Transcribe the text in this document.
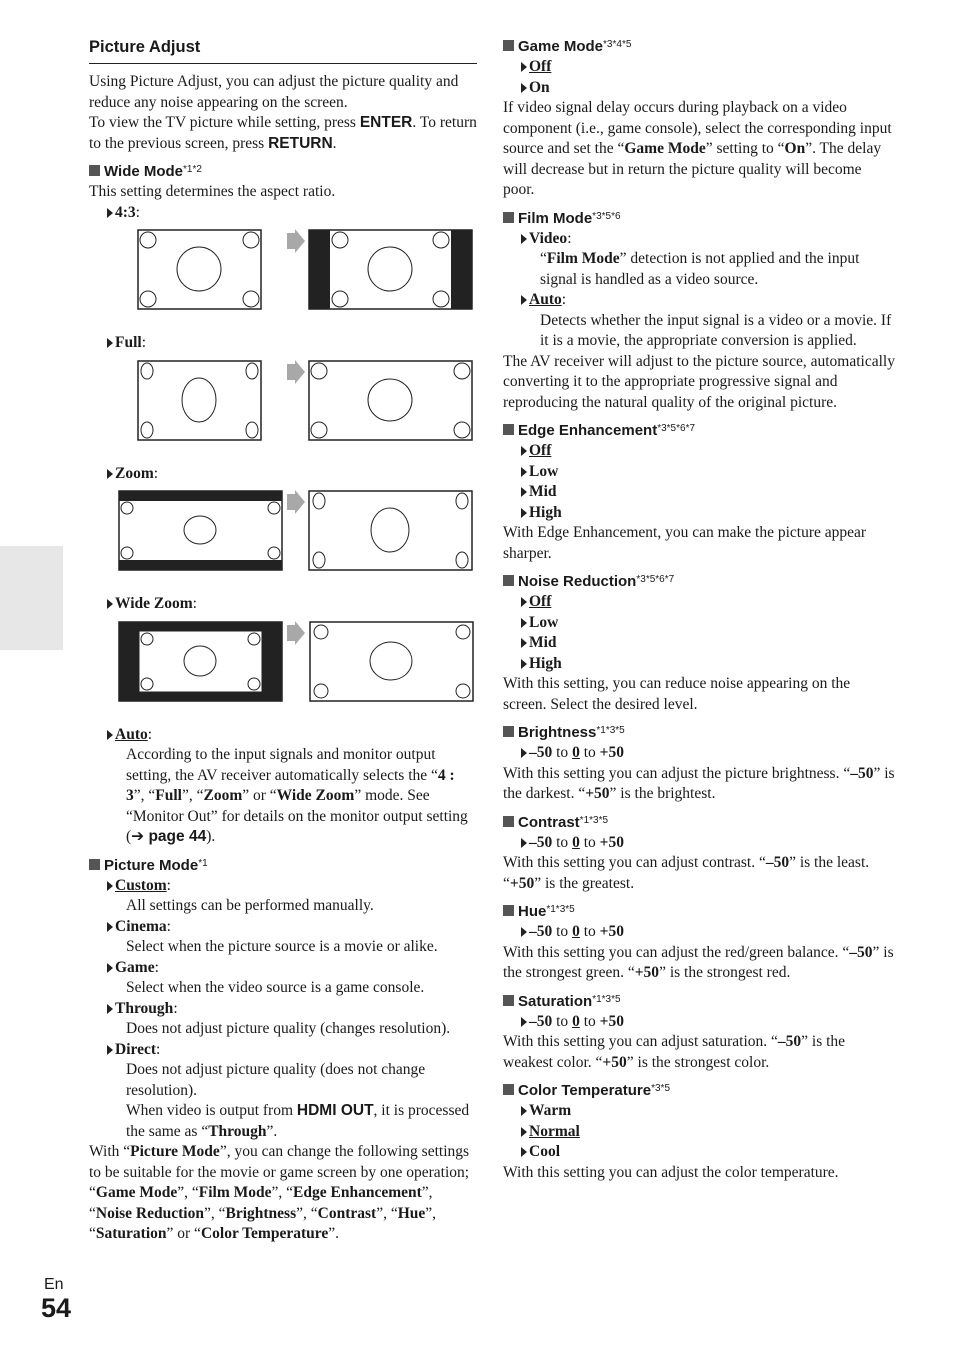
En
54
Picture Adjust

Using Picture Adjust, you can adjust the picture quality and reduce any noise appearing on the screen.
To view the TV picture while setting, press ENTER. To return to the previous screen, press RETURN.

Wide Mode$^{*1*2}$

This setting determines the aspect ratio.

4:3:
Full:
Zoom:
Wide Zoom:
Auto:

According to the input signals and monitor output setting, the AV receiver automatically selects the “4 : 3”, “Full”, “Zoom” or “Wide Zoom” mode. See “Monitor Out” for details on the monitor output setting (➔ page 44).

Picture Mode$^{*1}$
Custom:

All settings can be performed manually.

Cinema:

Select when the picture source is a movie or alike.

Game:

Select when the video source is a game console.

Through:

Does not adjust picture quality (changes resolution).

Direct:

Does not adjust picture quality (does not change resolution).
When video is output from HDMI OUT, it is processed the same as “Through”.

With “Picture Mode”, you can change the following settings to be suitable for the movie or game screen by one operation; “Game Mode”, “Film Mode”, “Edge Enhancement”, “Noise Reduction”, “Brightness”, “Contrast”, “Hue”, “Saturation” or “Color Temperature”.

Game Mode$^{*3*4*5}$
Off
On

If video signal delay occurs during playback on a video component (i.e., game console), select the corresponding input source and set the “Game Mode” setting to “On”. The delay will decrease but in return the picture quality will become poor.

Film Mode$^{*3*5*6}$
Video:

“Film Mode” detection is not applied and the input signal is handled as a video source.

Auto:

Detects whether the input signal is a video or a movie. If it is a movie, the appropriate conversion is applied.

The AV receiver will adjust to the picture source, automatically converting it to the appropriate progressive signal and reproducing the natural quality of the original picture.

Edge Enhancement$^{*3*5*6*7}$
Off
Low
Mid
High

With Edge Enhancement, you can make the picture appear sharper.

Noise Reduction$^{*3*5*6*7}$
Off
Low
Mid
High

With this setting, you can reduce noise appearing on the screen. Select the desired level.

Brightness$^{*1*3*5}$
–50 to 0 to +50

With this setting you can adjust the picture brightness. “–50” is the darkest. “+50” is the brightest.

Contrast$^{*1*3*5}$
–50 to 0 to +50

With this setting you can adjust contrast. “–50” is the least. “+50” is the greatest.

Hue$^{*1*3*5}$
–50 to 0 to +50

With this setting you can adjust the red/green balance. “–50” is the strongest green. “+50” is the strongest red.

Saturation$^{*1*3*5}$
–50 to 0 to +50

With this setting you can adjust saturation. “–50” is the weakest color. “+50” is the strongest color.

Color Temperature$^{*3*5}$
Warm
Normal
Cool

With this setting you can adjust the color temperature.
